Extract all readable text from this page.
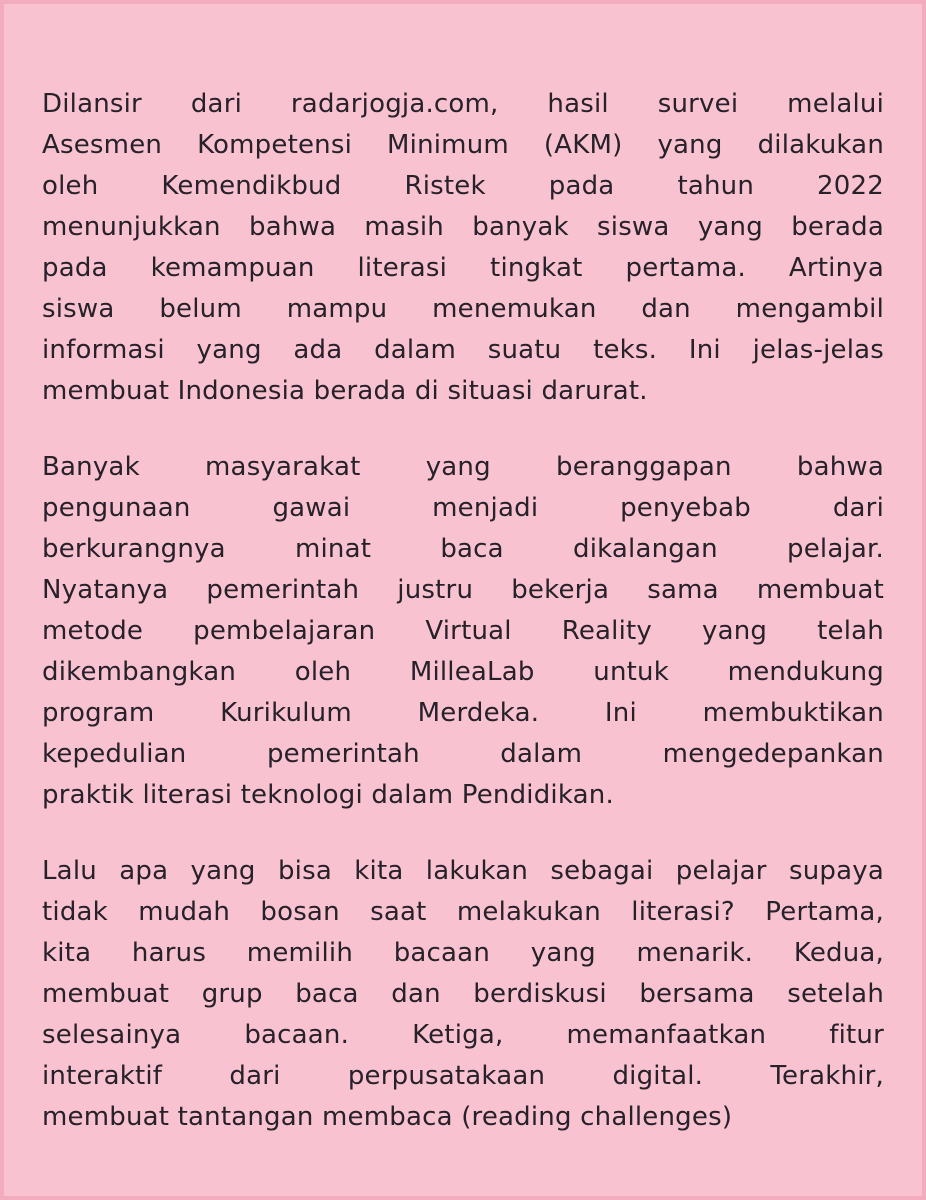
Dilansir dari radarjogja.com, hasil survei melalui
Asesmen Kompetensi Minimum (AKM) yang dilakukan
oleh Kemendikbud Ristek pada tahun 2022
menunjukkan bahwa masih banyak siswa yang berada
pada kemampuan literasi tingkat pertama. Artinya
siswa belum mampu menemukan dan mengambil
informasi yang ada dalam suatu teks. Ini jelas-jelas
membuat Indonesia berada di situasi darurat.
Banyak masyarakat yang beranggapan bahwa
pengunaan gawai menjadi penyebab dari
berkurangnya minat baca dikalangan pelajar.
Nyatanya pemerintah justru bekerja sama membuat
metode pembelajaran Virtual Reality yang telah
dikembangkan oleh MilleaLab untuk mendukung
program Kurikulum Merdeka. Ini membuktikan
kepedulian pemerintah dalam mengedepankan
praktik literasi teknologi dalam Pendidikan.
Lalu apa yang bisa kita lakukan sebagai pelajar supaya
tidak mudah bosan saat melakukan literasi? Pertama,
kita harus memilih bacaan yang menarik. Kedua,
membuat grup baca dan berdiskusi bersama setelah
selesainya bacaan. Ketiga, memanfaatkan fitur
interaktif dari perpusatakaan digital. Terakhir,
membuat tantangan membaca (reading challenges)
